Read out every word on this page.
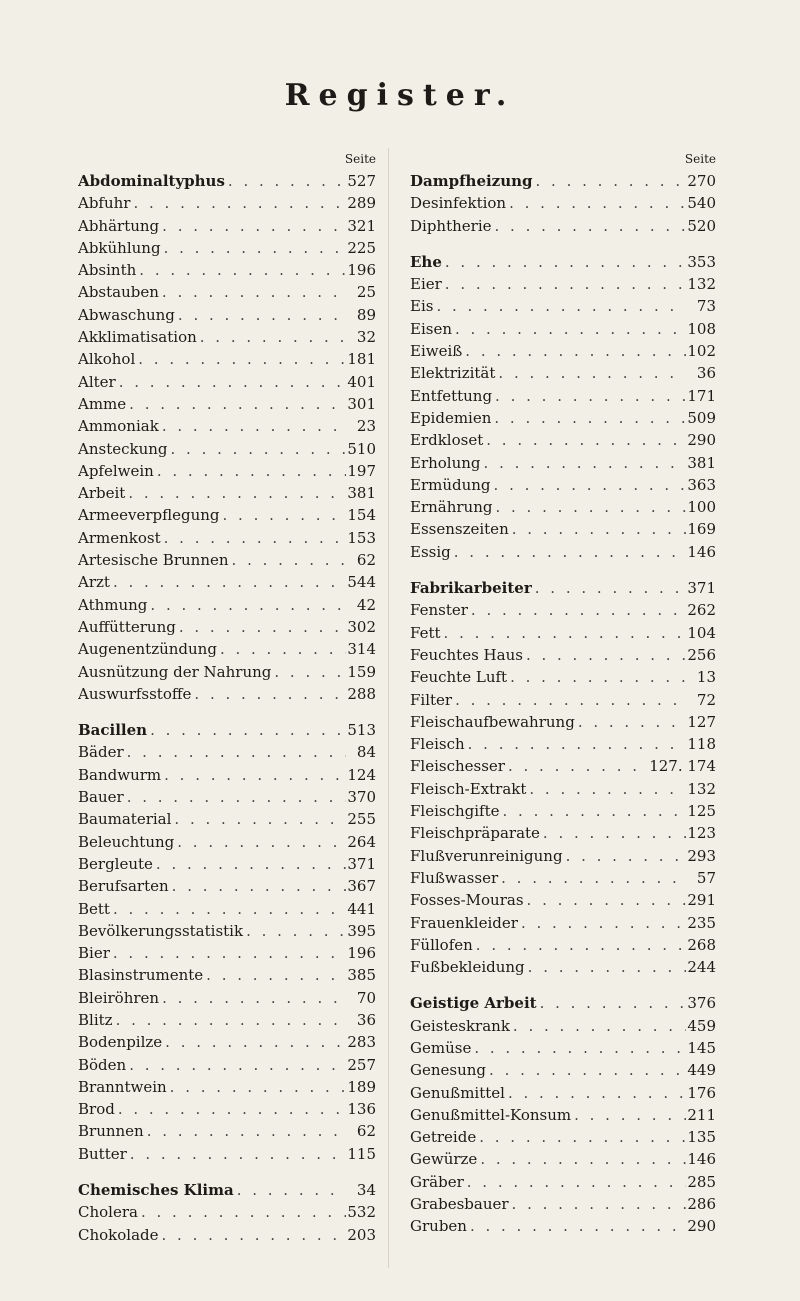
Register.
Seite
Abdominaltyphus . . .	527
Abfuhr . . .	289
Abhärtung . . .	321
Abkühlung . . .	225
Absinth . . .	196
Abstauben . . .	25
Abwaschung . . .	89
Akklimatisation . . .	32
Alkohol . . .	181
Alter . . .	401
Amme . . .	301
Ammoniak . . .	23
Ansteckung . . .	510
Apfelwein . . .	197
Arbeit . . .	381
Armeeverpflegung . . .	154
Armenkost . . .	153
Artesische Brunnen . . .	62
Arzt . . .	544
Athmung . . .	42
Auffütterung . . .	302
Augenentzündung . . .	314
Ausnützung der Nahrung . . .	159
Auswurfsstoffe . . .	288
Bacillen . . .	513
Bäder . . .	84
Bandwurm . . .	124
Bauer . . .	370
Baumaterial . . .	255
Beleuchtung . . .	264
Bergleute . . .	371
Berufsarten . . .	367
Bett . . .	441
Bevölkerungsstatistik . . .	395
Bier . . .	196
Blasinstrumente . . .	385
Bleiröhren . . .	70
Blitz . . .	36
Bodenpilze . . .	283
Böden . . .	257
Branntwein . . .	189
Brod . . .	136
Brunnen . . .	62
Butter . . .	115
Chemisches Klima . . .	34
Cholera . . .	532
Chokolade . . .	203
Seite
Dampfheizung . . .	270
Desinfektion . . .	540
Diphtherie . . .	520
Ehe . . .	353
Eier . . .	132
Eis . . .	73
Eisen . . .	108
Eiweiß . . .	102
Elektrizität . . .	36
Entfettung . . .	171
Epidemien . . .	509
Erdkloset . . .	290
Erholung . . .	381
Ermüdung . . .	363
Ernährung . . .	100
Essenszeiten . . .	169
Essig . . .	146
Fabrikarbeiter . . .	371
Fenster . . .	262
Fett . . .	104
Feuchtes Haus . . .	256
Feuchte Luft . . .	13
Filter . . .	72
Fleischaufbewahrung . . .	127
Fleisch . . .	118
Fleischesser . . .	127. 174
Fleisch-Extrakt . . .	132
Fleischgifte . . .	125
Fleischpräparate . . .	123
Flußverunreinigung . . .	293
Flußwasser . . .	57
Fosses-Mouras . . .	291
Frauenkleider . . .	235
Füllofen . . .	268
Fußbekleidung . . .	244
Geistige Arbeit . . .	376
Geisteskrank . . .	459
Gemüse . . .	145
Genesung . . .	449
Genußmittel . . .	176
Genußmittel-Konsum . . .	211
Getreide . . .	135
Gewürze . . .	146
Gräber . . .	285
Grabesbauer . . .	286
Gruben . . .	290
